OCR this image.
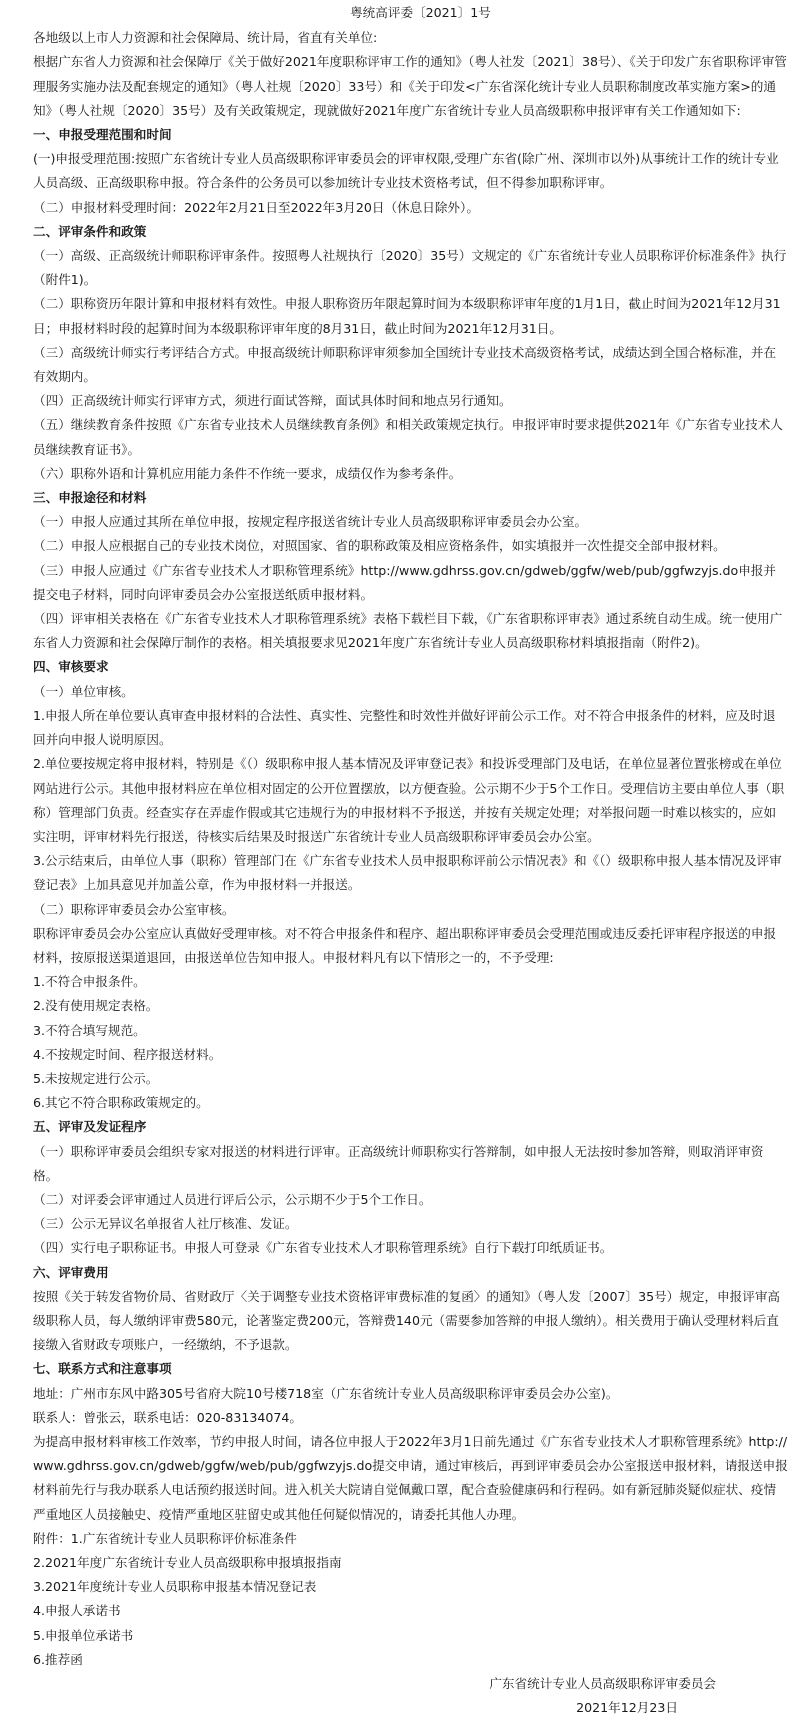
粤统高评委〔2021〕1号

各地级以上市人力资源和社会保障局、统计局，省直有关单位:

根据广东省人力资源和社会保障厅《关于做好2021年度职称评审工作的通知》（粤人社发〔2021〕38号）、《关于印发广东省职称评审管理服务实施办法及配套规定的通知》（粤人社规〔2020〕33号）和《关于印发<广东省深化统计专业人员职称制度改革实施方案>的通知》（粤人社规〔2020〕35号）及有关政策规定，现就做好2021年度广东省统计专业人员高级职称申报评审有关工作通知如下:

一、申报受理范围和时间

(一)申报受理范围:按照广东省统计专业人员高级职称评审委员会的评审权限,受理广东省(除广州、深圳市以外)从事统计工作的统计专业人员高级、正高级职称申报。符合条件的公务员可以参加统计专业技术资格考试，但不得参加职称评审。

（二）申报材料受理时间：2022年2月21日至2022年3月20日（休息日除外）。

二、评审条件和政策

（一）高级、正高级统计师职称评审条件。按照粤人社规执行〔2020〕35号）文规定的《广东省统计专业人员职称评价标准条件》执行（附件1)。

（二）职称资历年限计算和申报材料有效性。申报人职称资历年限起算时间为本级职称评审年度的1月1日，截止时间为2021年12月31日；申报材料时段的起算时间为本级职称评审年度的8月31日，截止时间为2021年12月31日。

（三）高级统计师实行考评结合方式。申报高级统计师职称评审须参加全国统计专业技术高级资格考试，成绩达到全国合格标准，并在有效期内。

（四）正高级统计师实行评审方式，须进行面试答辩，面试具体时间和地点另行通知。

（五）继续教育条件按照《广东省专业技术人员继续教育条例》和相关政策规定执行。申报评审时要求提供2021年《广东省专业技术人员继续教育证书》。

（六）职称外语和计算机应用能力条件不作统一要求，成绩仅作为参考条件。

三、申报途径和材料

（一）申报人应通过其所在单位申报，按规定程序报送省统计专业人员高级职称评审委员会办公室。

（二）申报人应根据自己的专业技术岗位，对照国家、省的职称政策及相应资格条件，如实填报并一次性提交全部申报材料。

（三）申报人应通过《广东省专业技术人才职称管理系统》http://www.gdhrss.gov.cn/gdweb/ggfw/web/pub/ggfwzyjs.do申报并提交电子材料，同时向评审委员会办公室报送纸质申报材料。

（四）评审相关表格在《广东省专业技术人才职称管理系统》表格下载栏目下载，《广东省职称评审表》通过系统自动生成。统一使用广东省人力资源和社会保障厅制作的表格。相关填报要求见2021年度广东省统计专业人员高级职称材料填报指南（附件2)。

四、审核要求

（一）单位审核。

1.申报人所在单位要认真审查申报材料的合法性、真实性、完整性和时效性并做好评前公示工作。对不符合申报条件的材料，应及时退回并向申报人说明原因。

2.单位要按规定将申报材料，特别是《（）级职称申报人基本情况及评审登记表》和投诉受理部门及电话，在单位显著位置张榜或在单位网站进行公示。其他申报材料应在单位相对固定的公开位置摆放，以方便查验。公示期不少于5个工作日。受理信访主要由单位人事（职称）管理部门负责。经查实存在弄虚作假或其它违规行为的申报材料不予报送，并按有关规定处理；对举报问题一时难以核实的，应如实注明，评审材料先行报送，待核实后结果及时报送广东省统计专业人员高级职称评审委员会办公室。

3.公示结束后，由单位人事（职称）管理部门在《广东省专业技术人员申报职称评前公示情况表》和《（）级职称申报人基本情况及评审登记表》上加具意见并加盖公章，作为申报材料一并报送。

（二）职称评审委员会办公室审核。

职称评审委员会办公室应认真做好受理审核。对不符合申报条件和程序、超出职称评审委员会受理范围或违反委托评审程序报送的申报材料，按原报送渠道退回，由报送单位告知申报人。申报材料凡有以下情形之一的，不予受理:

1.不符合申报条件。

2.没有使用规定表格。

3.不符合填写规范。

4.不按规定时间、程序报送材料。

5.未按规定进行公示。

6.其它不符合职称政策规定的。

五、评审及发证程序

（一）职称评审委员会组织专家对报送的材料进行评审。正高级统计师职称实行答辩制，如申报人无法按时参加答辩，则取消评审资格。

（二）对评委会评审通过人员进行评后公示，公示期不少于5个工作日。

（三）公示无异议名单报省人社厅核准、发证。

（四）实行电子职称证书。申报人可登录《广东省专业技术人才职称管理系统》自行下载打印纸质证书。

六、评审费用

按照《关于转发省物价局、省财政厅〈关于调整专业技术资格评审费标准的复函〉的通知》（粤人发〔2007〕35号）规定，申报评审高级职称人员，每人缴纳评审费580元，论著鉴定费200元，答辩费140元（需要参加答辩的申报人缴纳）。相关费用于确认受理材料后直接缴入省财政专项账户，一经缴纳，不予退款。

七、联系方式和注意事项

地址：广州市东风中路305号省府大院10号楼718室（广东省统计专业人员高级职称评审委员会办公室)。

联系人：曾张云，联系电话：020-83134074。

为提高申报材料审核工作效率，节约申报人时间，请各位申报人于2022年3月1日前先通过《广东省专业技术人才职称管理系统》http://www.gdhrss.gov.cn/gdweb/ggfw/web/pub/ggfwzyjs.do提交申请，通过审核后，再到评审委员会办公室报送申报材料，请报送申报材料前先行与我办联系人电话预约报送时间。进入机关大院请自觉佩戴口罩，配合查验健康码和行程码。如有新冠肺炎疑似症状、疫情严重地区人员接触史、疫情严重地区驻留史或其他任何疑似情况的，请委托其他人办理。

附件：1.广东省统计专业人员职称评价标准条件

2.2021年度广东省统计专业人员高级职称申报填报指南

3.2021年度统计专业人员职称申报基本情况登记表

4.申报人承诺书

5.申报单位承诺书

6.推荐函

广东省统计专业人员高级职称评审委员会

2021年12月23日
